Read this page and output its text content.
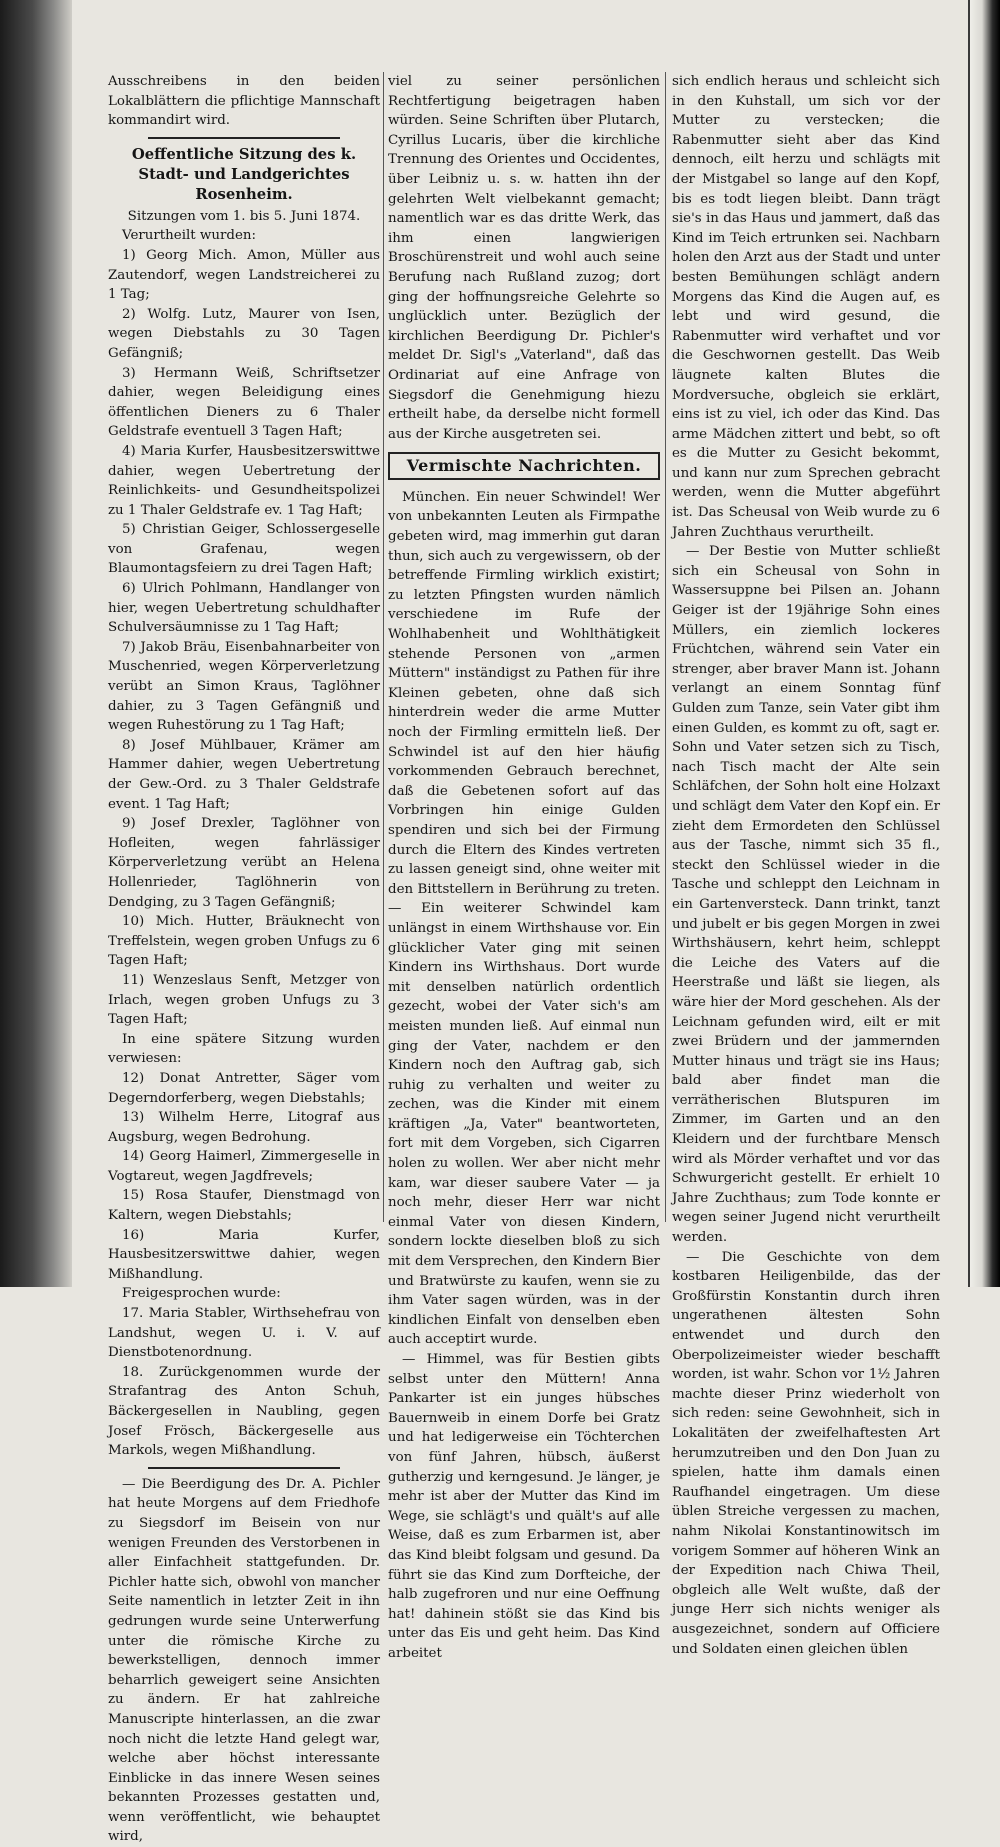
Ausschreibens in den beiden Lokalblättern die pflichtige Mannschaft kommandirt wird.

Oeffentliche Sitzung des k. Stadt- und Landgerichtes Rosenheim.

Sitzungen vom 1. bis 5. Juni 1874.

Verurtheilt wurden:

1) Georg Mich. Amon, Müller aus Zautendorf, wegen Landstreicherei zu 1 Tag;

2) Wolfg. Lutz, Maurer von Isen, wegen Diebstahls zu 30 Tagen Gefängniß;

3) Hermann Weiß, Schriftsetzer dahier, wegen Beleidigung eines öffentlichen Dieners zu 6 Thaler Geldstrafe eventuell 3 Tagen Haft;

4) Maria Kurfer, Hausbesitzerswittwe dahier, wegen Uebertretung der Reinlichkeits- und Gesundheitspolizei zu 1 Thaler Geldstrafe ev. 1 Tag Haft;

5) Christian Geiger, Schlossergeselle von Grafenau, wegen Blaumontagsfeiern zu drei Tagen Haft;

6) Ulrich Pohlmann, Handlanger von hier, wegen Uebertretung schuldhafter Schulversäumnisse zu 1 Tag Haft;

7) Jakob Bräu, Eisenbahnarbeiter von Muschenried, wegen Körperverletzung verübt an Simon Kraus, Taglöhner dahier, zu 3 Tagen Gefängniß und wegen Ruhestörung zu 1 Tag Haft;

8) Josef Mühlbauer, Krämer am Hammer dahier, wegen Uebertretung der Gew.-Ord. zu 3 Thaler Geldstrafe event. 1 Tag Haft;

9) Josef Drexler, Taglöhner von Hofleiten, wegen fahrlässiger Körperverletzung verübt an Helena Hollenrieder, Taglöhnerin von Dendging, zu 3 Tagen Gefängniß;

10) Mich. Hutter, Bräuknecht von Treffelstein, wegen groben Unfugs zu 6 Tagen Haft;

11) Wenzeslaus Senft, Metzger von Irlach, wegen groben Unfugs zu 3 Tagen Haft;

In eine spätere Sitzung wurden verwiesen:

12) Donat Antretter, Säger vom Degerndorferberg, wegen Diebstahls;

13) Wilhelm Herre, Litograf aus Augsburg, wegen Bedrohung.

14) Georg Haimerl, Zimmergeselle in Vogtareut, wegen Jagdfrevels;

15) Rosa Staufer, Dienstmagd von Kaltern, wegen Diebstahls;

16) Maria Kurfer, Hausbesitzerswittwe dahier, wegen Mißhandlung.

Freigesprochen wurde:

17. Maria Stabler, Wirthsehefrau von Landshut, wegen U. i. V. auf Dienstbotenordnung.

18. Zurückgenommen wurde der Strafantrag des Anton Schuh, Bäckergesellen in Naubling, gegen Josef Frösch, Bäckergeselle aus Markols, wegen Mißhandlung.

— Die Beerdigung des Dr. A. Pichler hat heute Morgens auf dem Friedhofe zu Siegsdorf im Beisein von nur wenigen Freunden des Verstorbenen in aller Einfachheit stattgefunden. Dr. Pichler hatte sich, obwohl von mancher Seite namentlich in letzter Zeit in ihn gedrungen wurde seine Unterwerfung unter die römische Kirche zu bewerkstelligen, dennoch immer beharrlich geweigert seine Ansichten zu ändern. Er hat zahlreiche Manuscripte hinterlassen, an die zwar noch nicht die letzte Hand gelegt war, welche aber höchst interessante Einblicke in das innere Wesen seines bekannten Prozesses gestatten und, wenn veröffentlicht, wie behauptet wird,

viel zu seiner persönlichen Rechtfertigung beigetragen haben würden. Seine Schriften über Plutarch, Cyrillus Lucaris, über die kirchliche Trennung des Orientes und Occidentes, über Leibniz u. s. w. hatten ihn der gelehrten Welt vielbekannt gemacht; namentlich war es das dritte Werk, das ihm einen langwierigen Broschürenstreit und wohl auch seine Berufung nach Rußland zuzog; dort ging der hoffnungsreiche Gelehrte so unglücklich unter. Bezüglich der kirchlichen Beerdigung Dr. Pichler's meldet Dr. Sigl's „Vaterland", daß das Ordinariat auf eine Anfrage von Siegsdorf die Genehmigung hiezu ertheilt habe, da derselbe nicht formell aus der Kirche ausgetreten sei.

Vermischte Nachrichten.

München. Ein neuer Schwindel! Wer von unbekannten Leuten als Firmpathe gebeten wird, mag immerhin gut daran thun, sich auch zu vergewissern, ob der betreffende Firmling wirklich existirt; zu letzten Pfingsten wurden nämlich verschiedene im Rufe der Wohlhabenheit und Wohlthätigkeit stehende Personen von „armen Müttern" inständigst zu Pathen für ihre Kleinen gebeten, ohne daß sich hinterdrein weder die arme Mutter noch der Firmling ermitteln ließ. Der Schwindel ist auf den hier häufig vorkommenden Gebrauch berechnet, daß die Gebetenen sofort auf das Vorbringen hin einige Gulden spendiren und sich bei der Firmung durch die Eltern des Kindes vertreten zu lassen geneigt sind, ohne weiter mit den Bittstellern in Berührung zu treten. — Ein weiterer Schwindel kam unlängst in einem Wirthshause vor. Ein glücklicher Vater ging mit seinen Kindern ins Wirthshaus. Dort wurde mit denselben natürlich ordentlich gezecht, wobei der Vater sich's am meisten munden ließ. Auf einmal nun ging der Vater, nachdem er den Kindern noch den Auftrag gab, sich ruhig zu verhalten und weiter zu zechen, was die Kinder mit einem kräftigen „Ja, Vater" beantworteten, fort mit dem Vorgeben, sich Cigarren holen zu wollen. Wer aber nicht mehr kam, war dieser saubere Vater — ja noch mehr, dieser Herr war nicht einmal Vater von diesen Kindern, sondern lockte dieselben bloß zu sich mit dem Versprechen, den Kindern Bier und Bratwürste zu kaufen, wenn sie zu ihm Vater sagen würden, was in der kindlichen Einfalt von denselben eben auch acceptirt wurde.

— Himmel, was für Bestien gibts selbst unter den Müttern! Anna Pankarter ist ein junges hübsches Bauernweib in einem Dorfe bei Gratz und hat ledigerweise ein Töchterchen von fünf Jahren, hübsch, äußerst gutherzig und kerngesund. Je länger, je mehr ist aber der Mutter das Kind im Wege, sie schlägt's und quält's auf alle Weise, daß es zum Erbarmen ist, aber das Kind bleibt folgsam und gesund. Da führt sie das Kind zum Dorfteiche, der halb zugefroren und nur eine Oeffnung hat! dahinein stößt sie das Kind bis unter das Eis und geht heim. Das Kind arbeitet

sich endlich heraus und schleicht sich in den Kuhstall, um sich vor der Mutter zu verstecken; die Rabenmutter sieht aber das Kind dennoch, eilt herzu und schlägts mit der Mistgabel so lange auf den Kopf, bis es todt liegen bleibt. Dann trägt sie's in das Haus und jammert, daß das Kind im Teich ertrunken sei. Nachbarn holen den Arzt aus der Stadt und unter besten Bemühungen schlägt andern Morgens das Kind die Augen auf, es lebt und wird gesund, die Rabenmutter wird verhaftet und vor die Geschwornen gestellt. Das Weib läugnete kalten Blutes die Mordversuche, obgleich sie erklärt, eins ist zu viel, ich oder das Kind. Das arme Mädchen zittert und bebt, so oft es die Mutter zu Gesicht bekommt, und kann nur zum Sprechen gebracht werden, wenn die Mutter abgeführt ist. Das Scheusal von Weib wurde zu 6 Jahren Zuchthaus verurtheilt.

— Der Bestie von Mutter schließt sich ein Scheusal von Sohn in Wassersuppne bei Pilsen an. Johann Geiger ist der 19jährige Sohn eines Müllers, ein ziemlich lockeres Früchtchen, während sein Vater ein strenger, aber braver Mann ist. Johann verlangt an einem Sonntag fünf Gulden zum Tanze, sein Vater gibt ihm einen Gulden, es kommt zu oft, sagt er. Sohn und Vater setzen sich zu Tisch, nach Tisch macht der Alte sein Schläfchen, der Sohn holt eine Holzaxt und schlägt dem Vater den Kopf ein. Er zieht dem Ermordeten den Schlüssel aus der Tasche, nimmt sich 35 fl., steckt den Schlüssel wieder in die Tasche und schleppt den Leichnam in ein Gartenversteck. Dann trinkt, tanzt und jubelt er bis gegen Morgen in zwei Wirthshäusern, kehrt heim, schleppt die Leiche des Vaters auf die Heerstraße und läßt sie liegen, als wäre hier der Mord geschehen. Als der Leichnam gefunden wird, eilt er mit zwei Brüdern und der jammernden Mutter hinaus und trägt sie ins Haus; bald aber findet man die verrätherischen Blutspuren im Zimmer, im Garten und an den Kleidern und der furchtbare Mensch wird als Mörder verhaftet und vor das Schwurgericht gestellt. Er erhielt 10 Jahre Zuchthaus; zum Tode konnte er wegen seiner Jugend nicht verurtheilt werden.

— Die Geschichte von dem kostbaren Heiligenbilde, das der Großfürstin Konstantin durch ihren ungerathenen ältesten Sohn entwendet und durch den Oberpolizeimeister wieder beschafft worden, ist wahr. Schon vor 1½ Jahren machte dieser Prinz wiederholt von sich reden: seine Gewohnheit, sich in Lokalitäten der zweifelhaftesten Art herumzutreiben und den Don Juan zu spielen, hatte ihm damals einen Raufhandel eingetragen. Um diese üblen Streiche vergessen zu machen, nahm Nikolai Konstantinowitsch im vorigem Sommer auf höheren Wink an der Expedition nach Chiwa Theil, obgleich alle Welt wußte, daß der junge Herr sich nichts weniger als ausgezeichnet, sondern auf Officiere und Soldaten einen gleichen üblen
